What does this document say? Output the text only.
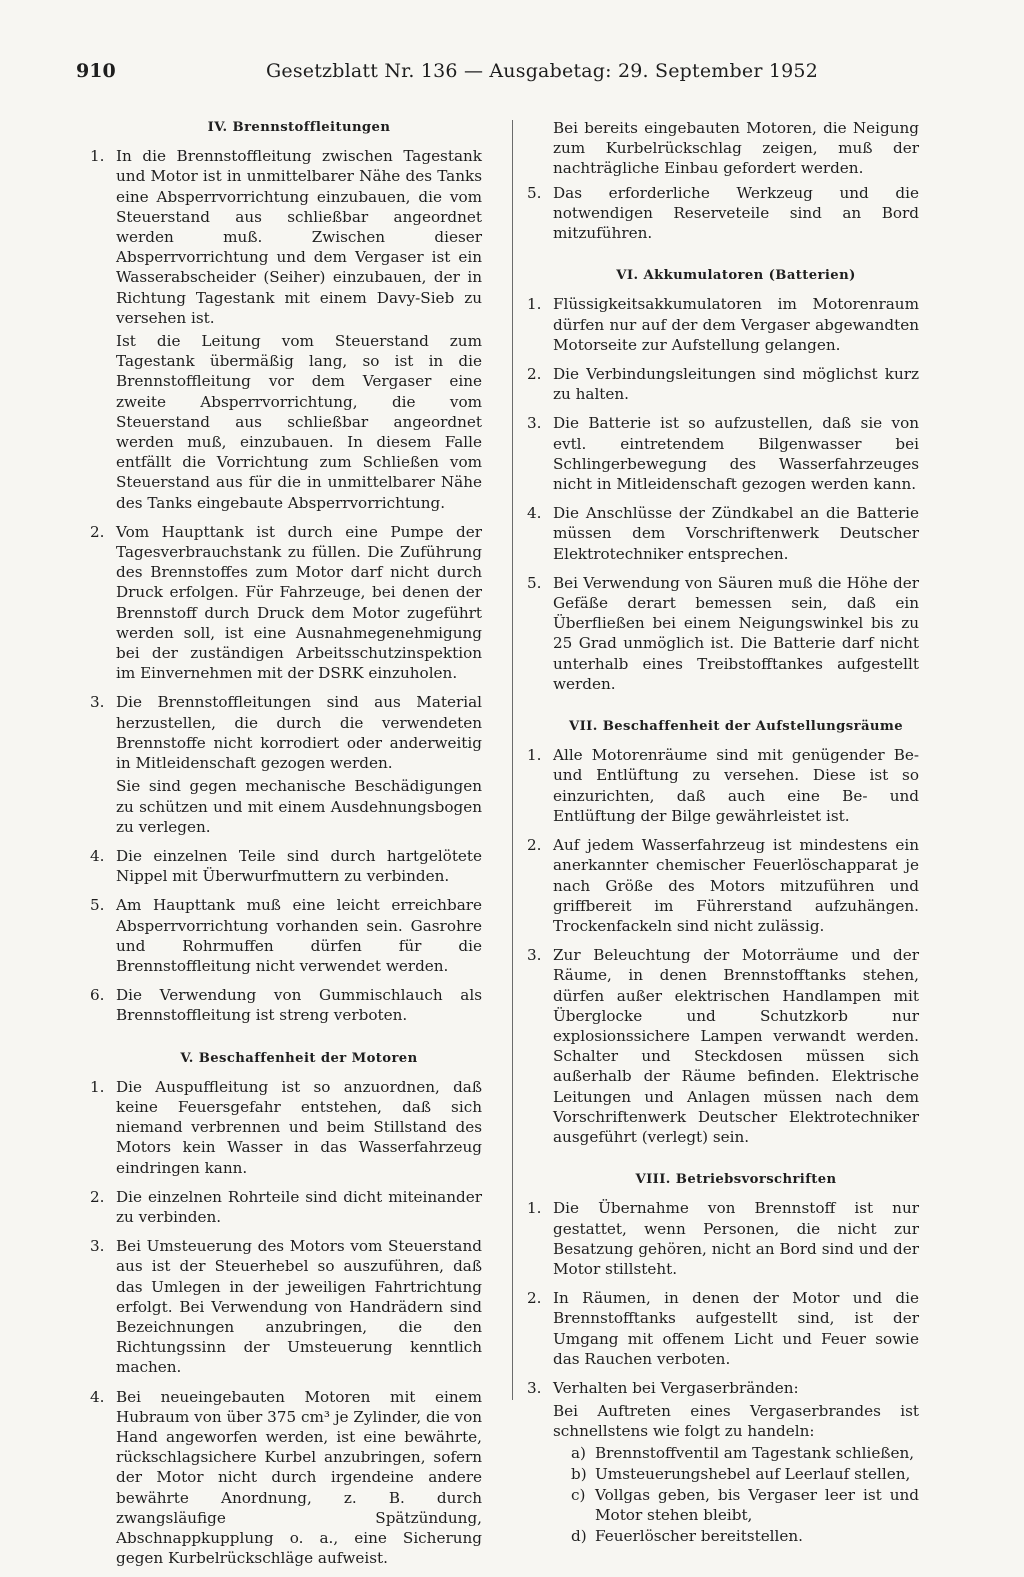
910	Gesetzblatt Nr. 136 — Ausgabetag: 29. September 1952
IV. Brennstoffleitungen
1. In die Brennstoffleitung zwischen Tagestank und Motor ist in unmittelbarer Nähe des Tanks eine Absperrvorrichtung einzubauen, die vom Steuerstand aus schließbar angeordnet werden muß. Zwischen dieser Absperrvorrichtung und dem Vergaser ist ein Wasserabscheider (Seiher) einzubauen, der in Richtung Tagestank mit einem Davy-Sieb zu versehen ist.

Ist die Leitung vom Steuerstand zum Tagestank übermäßig lang, so ist in die Brennstoffleitung vor dem Vergaser eine zweite Absperrvorrichtung, die vom Steuerstand aus schließbar angeordnet werden muß, einzubauen. In diesem Falle entfällt die Vorrichtung zum Schließen vom Steuerstand aus für die in unmittelbarer Nähe des Tanks eingebaute Absperrvorrichtung.

2. Vom Haupttank ist durch eine Pumpe der Tagesverbrauchstank zu füllen. Die Zuführung des Brennstoffes zum Motor darf nicht durch Druck erfolgen. Für Fahrzeuge, bei denen der Brennstoff durch Druck dem Motor zugeführt werden soll, ist eine Ausnahmegenehmigung bei der zuständigen Arbeitsschutzinspektion im Einvernehmen mit der DSRK einzuholen.

3. Die Brennstoffleitungen sind aus Material herzustellen, die durch die verwendeten Brennstoffe nicht korrodiert oder anderweitig in Mitleidenschaft gezogen werden.

Sie sind gegen mechanische Beschädigungen zu schützen und mit einem Ausdehnungsbogen zu verlegen.

4. Die einzelnen Teile sind durch hartgelötete Nippel mit Überwurfmuttern zu verbinden.

5. Am Haupttank muß eine leicht erreichbare Absperrvorrichtung vorhanden sein. Gasrohre und Rohrmuffen dürfen für die Brennstoffleitung nicht verwendet werden.

6. Die Verwendung von Gummischlauch als Brennstoffleitung ist streng verboten.

V. Beschaffenheit der Motoren
1. Die Auspuffleitung ist so anzuordnen, daß keine Feuersgefahr entstehen, daß sich niemand verbrennen und beim Stillstand des Motors kein Wasser in das Wasserfahrzeug eindringen kann.

2. Die einzelnen Rohrteile sind dicht miteinander zu verbinden.

3. Bei Umsteuerung des Motors vom Steuerstand aus ist der Steuerhebel so auszuführen, daß das Umlegen in der jeweiligen Fahrtrichtung erfolgt. Bei Verwendung von Handrädern sind Bezeichnungen anzubringen, die den Richtungssinn der Umsteuerung kenntlich machen.

4. Bei neueingebauten Motoren mit einem Hubraum von über 375 cm³ je Zylinder, die von Hand angeworfen werden, ist eine bewährte, rückschlagsichere Kurbel anzubringen, sofern der Motor nicht durch irgendeine andere bewährte Anordnung, z. B. durch zwangsläufige Spätzündung, Abschnappkupplung o. a., eine Sicherung gegen Kurbelrückschläge aufweist.

Bei bereits eingebauten Motoren, die Neigung zum Kurbelrückschlag zeigen, muß der nachträgliche Einbau gefordert werden.
5. Das erforderliche Werkzeug und die notwendigen Reserveteile sind an Bord mitzuführen.

VI. Akkumulatoren (Batterien)
1. Flüssigkeitsakkumulatoren im Motorenraum dürfen nur auf der dem Vergaser abgewandten Motorseite zur Aufstellung gelangen.

2. Die Verbindungsleitungen sind möglichst kurz zu halten.

3. Die Batterie ist so aufzustellen, daß sie von evtl. eintretendem Bilgenwasser bei Schlingerbewegung des Wasserfahrzeuges nicht in Mitleidenschaft gezogen werden kann.

4. Die Anschlüsse der Zündkabel an die Batterie müssen dem Vorschriftenwerk Deutscher Elektrotechniker entsprechen.

5. Bei Verwendung von Säuren muß die Höhe der Gefäße derart bemessen sein, daß ein Überfließen bei einem Neigungswinkel bis zu 25 Grad unmöglich ist. Die Batterie darf nicht unterhalb eines Treibstofftankes aufgestellt werden.

VII. Beschaffenheit der Aufstellungsräume
1. Alle Motorenräume sind mit genügender Be- und Entlüftung zu versehen. Diese ist so einzurichten, daß auch eine Be- und Entlüftung der Bilge gewährleistet ist.

2. Auf jedem Wasserfahrzeug ist mindestens ein anerkannter chemischer Feuerlöschapparat je nach Größe des Motors mitzuführen und griffbereit im Führerstand aufzuhängen. Trockenfackeln sind nicht zulässig.

3. Zur Beleuchtung der Motorräume und der Räume, in denen Brennstofftanks stehen, dürfen außer elektrischen Handlampen mit Überglocke und Schutzkorb nur explosionssichere Lampen verwandt werden. Schalter und Steckdosen müssen sich außerhalb der Räume befinden. Elektrische Leitungen und Anlagen müssen nach dem Vorschriftenwerk Deutscher Elektrotechniker ausgeführt (verlegt) sein.

VIII. Betriebsvorschriften
1. Die Übernahme von Brennstoff ist nur gestattet, wenn Personen, die nicht zur Besatzung gehören, nicht an Bord sind und der Motor stillsteht.

2. In Räumen, in denen der Motor und die Brennstofftanks aufgestellt sind, ist der Umgang mit offenem Licht und Feuer sowie das Rauchen verboten.

3. Verhalten bei Vergaserbränden:

Bei Auftreten eines Vergaserbrandes ist schnellstens wie folgt zu handeln:

a) Brennstoffventil am Tagestank schließen,
b) Umsteuerungshebel auf Leerlauf stellen,
c) Vollgas geben, bis Vergaser leer ist und Motor stehen bleibt,
d) Feuerlöscher bereitstellen.
